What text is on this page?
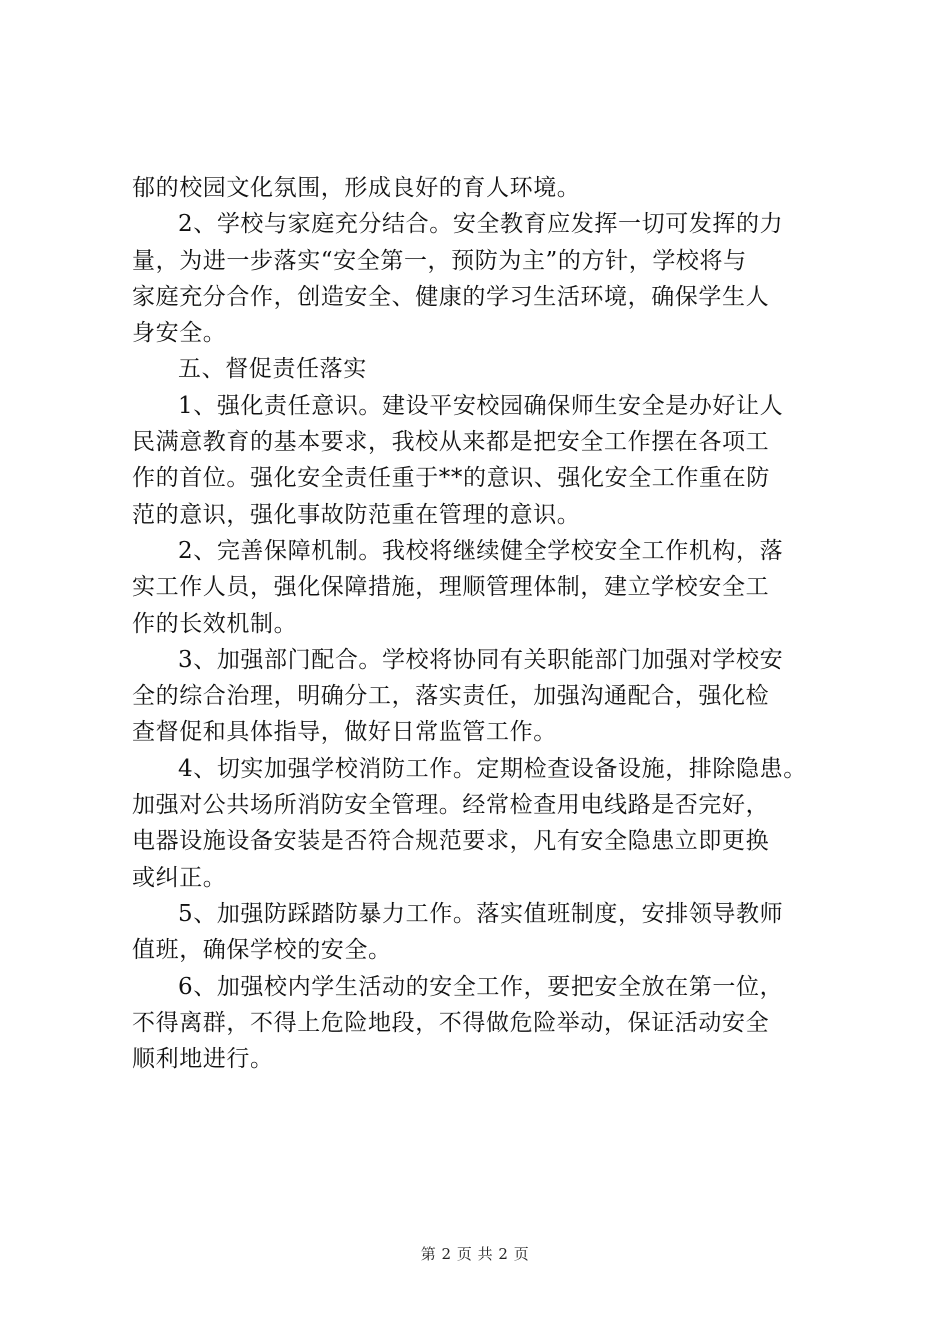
郁的校园文化氛围，形成良好的育人环境。
2、学校与家庭充分结合。安全教育应发挥一切可发挥的力
量，为进一步落实“安全第一，预防为主”的方针，学校将与
家庭充分合作，创造安全、健康的学习生活环境，确保学生人
身安全。
五、督促责任落实
1、强化责任意识。建设平安校园确保师生安全是办好让人
民满意教育的基本要求，我校从来都是把安全工作摆在各项工
作的首位。强化安全责任重于**的意识、强化安全工作重在防
范的意识，强化事故防范重在管理的意识。
2、完善保障机制。我校将继续健全学校安全工作机构，落
实工作人员，强化保障措施，理顺管理体制，建立学校安全工
作的长效机制。
3、加强部门配合。学校将协同有关职能部门加强对学校安
全的综合治理，明确分工，落实责任，加强沟通配合，强化检
查督促和具体指导，做好日常监管工作。
4、切实加强学校消防工作。定期检查设备设施，排除隐患。
加强对公共场所消防安全管理。经常检查用电线路是否完好，
电器设施设备安装是否符合规范要求，凡有安全隐患立即更换
或纠正。
5、加强防踩踏防暴力工作。落实值班制度，安排领导教师
值班，确保学校的安全。
6、加强校内学生活动的安全工作，要把安全放在第一位，
不得离群，不得上危险地段，不得做危险举动，保证活动安全
顺利地进行。
第 2 页 共 2 页
